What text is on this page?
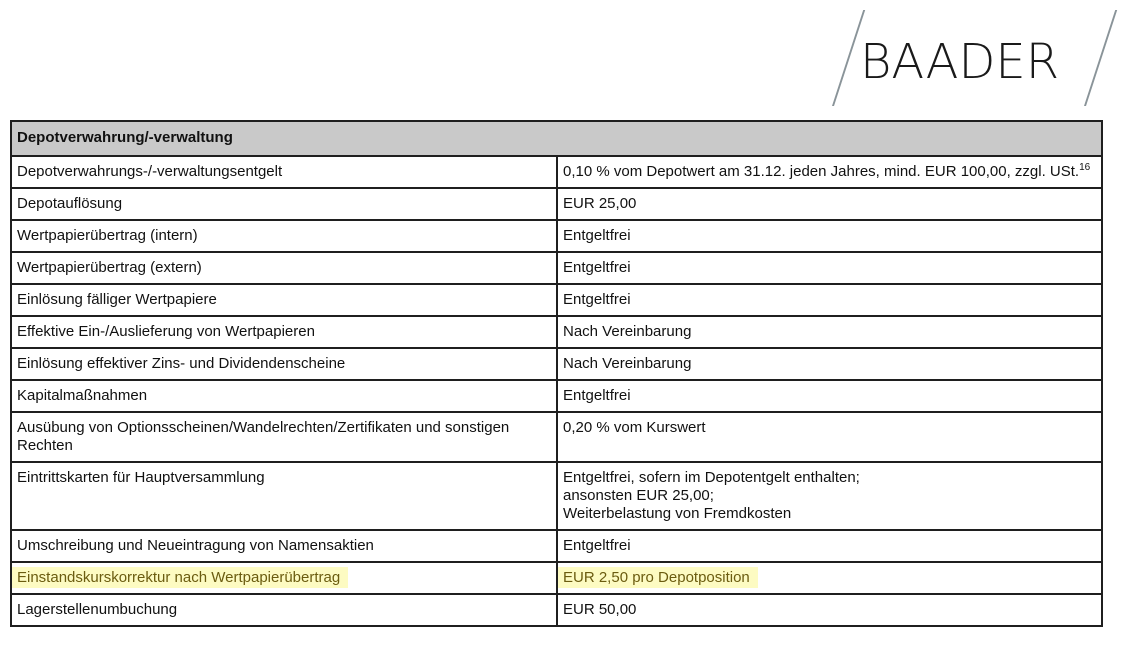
BAADER
Depotverwahrung/-verwaltung	
Depotverwahrungs-/-verwaltungsentgelt	0,10 % vom Depotwert am 31.12. jeden Jahres, mind. EUR 100,00, zzgl. USt.$^{16}$
Depotauflösung	EUR 25,00
Wertpapierübertrag (intern)	Entgeltfrei
Wertpapierübertrag (extern)	Entgeltfrei
Einlösung fälliger Wertpapiere	Entgeltfrei
Effektive Ein-/Auslieferung von Wertpapieren	Nach Vereinbarung
Einlösung effektiver Zins- und Dividendenscheine	Nach Vereinbarung
Kapitalmaßnahmen	Entgeltfrei
Ausübung von Optionsscheinen/Wandelrechten/Zertifikaten und sonstigen Rechten	0,20 % vom Kurswert
Eintrittskarten für Hauptversammlung	Entgeltfrei, sofern im Depotentgelt enthalten;
ansonsten EUR 25,00;
Weiterbelastung von Fremdkosten

Umschreibung und Neueintragung von Namensaktien	Entgeltfrei
Einstandskurskorrektur nach Wertpapierübertrag	EUR 2,50 pro Depotposition
Lagerstellenumbuchung	EUR 50,00
